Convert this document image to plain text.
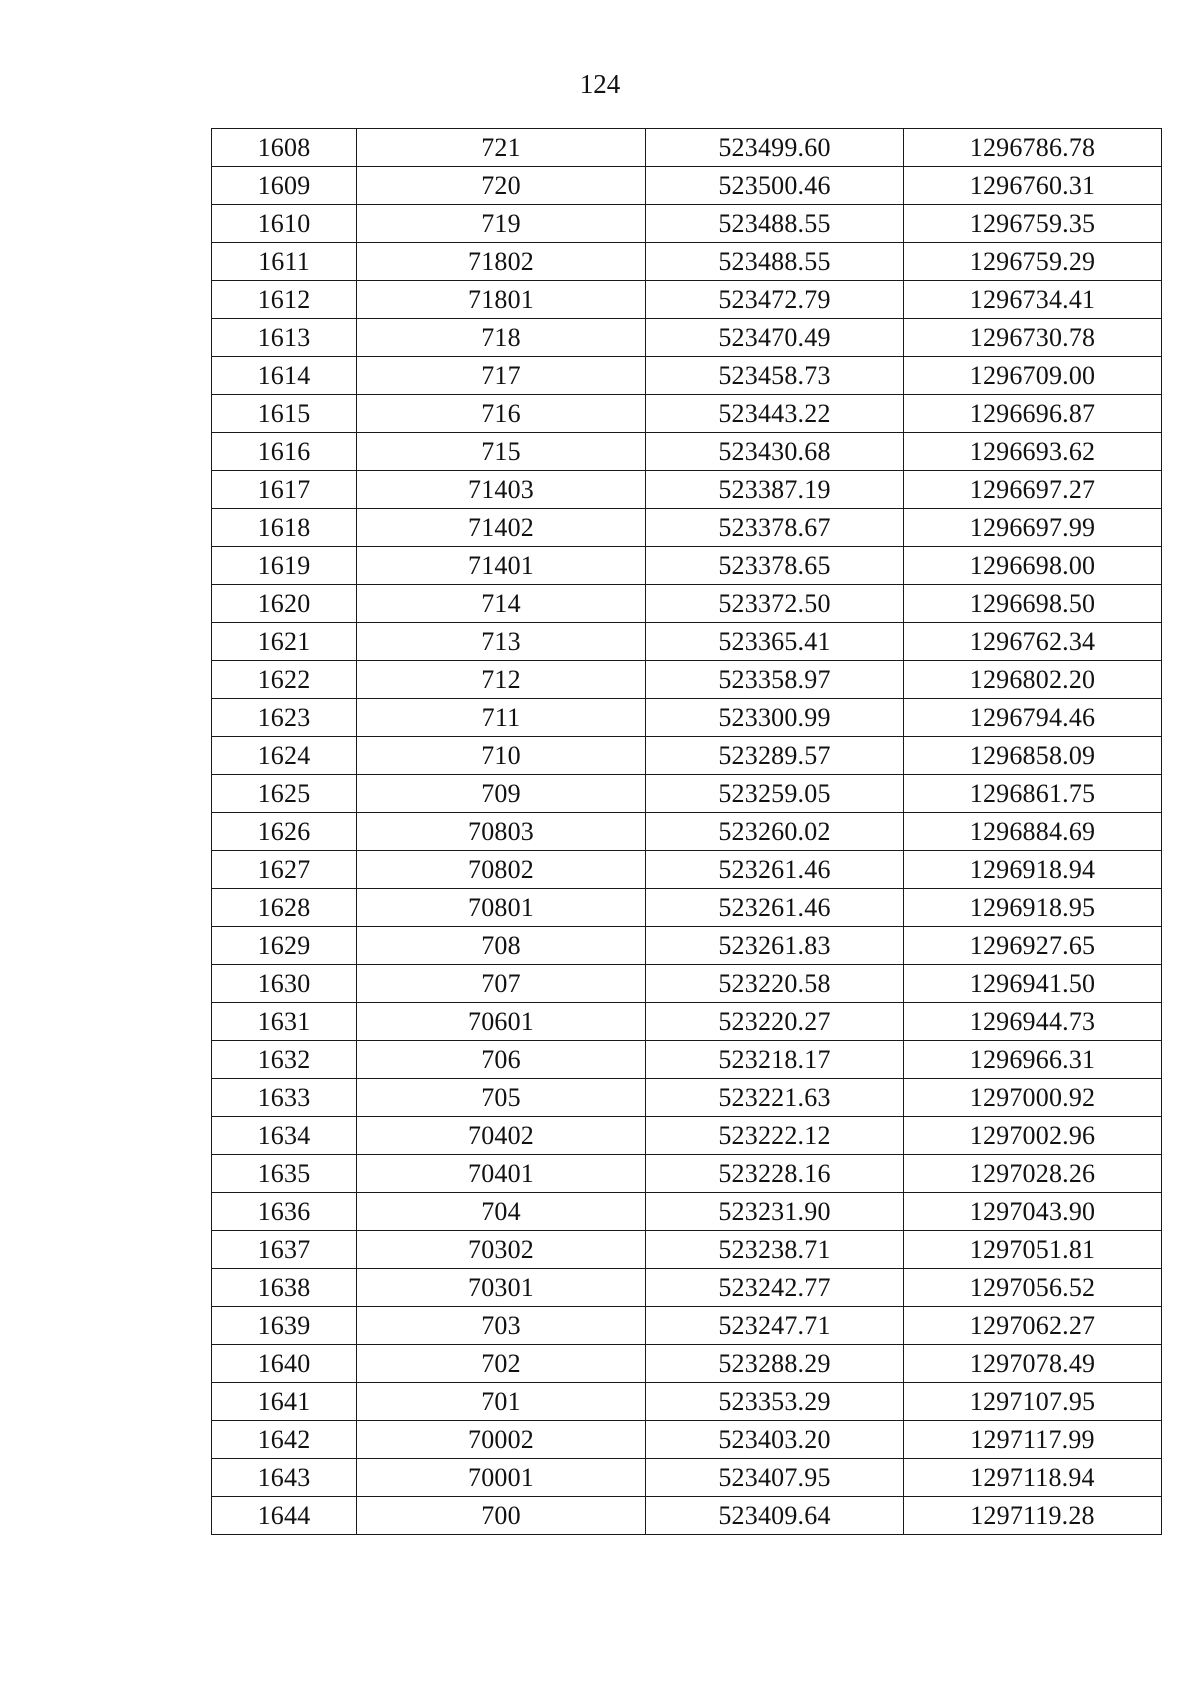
124
1608	721	523499.60	1296786.78
1609	720	523500.46	1296760.31
1610	719	523488.55	1296759.35
1611	71802	523488.55	1296759.29
1612	71801	523472.79	1296734.41
1613	718	523470.49	1296730.78
1614	717	523458.73	1296709.00
1615	716	523443.22	1296696.87
1616	715	523430.68	1296693.62
1617	71403	523387.19	1296697.27
1618	71402	523378.67	1296697.99
1619	71401	523378.65	1296698.00
1620	714	523372.50	1296698.50
1621	713	523365.41	1296762.34
1622	712	523358.97	1296802.20
1623	711	523300.99	1296794.46
1624	710	523289.57	1296858.09
1625	709	523259.05	1296861.75
1626	70803	523260.02	1296884.69
1627	70802	523261.46	1296918.94
1628	70801	523261.46	1296918.95
1629	708	523261.83	1296927.65
1630	707	523220.58	1296941.50
1631	70601	523220.27	1296944.73
1632	706	523218.17	1296966.31
1633	705	523221.63	1297000.92
1634	70402	523222.12	1297002.96
1635	70401	523228.16	1297028.26
1636	704	523231.90	1297043.90
1637	70302	523238.71	1297051.81
1638	70301	523242.77	1297056.52
1639	703	523247.71	1297062.27
1640	702	523288.29	1297078.49
1641	701	523353.29	1297107.95
1642	70002	523403.20	1297117.99
1643	70001	523407.95	1297118.94
1644	700	523409.64	1297119.28
